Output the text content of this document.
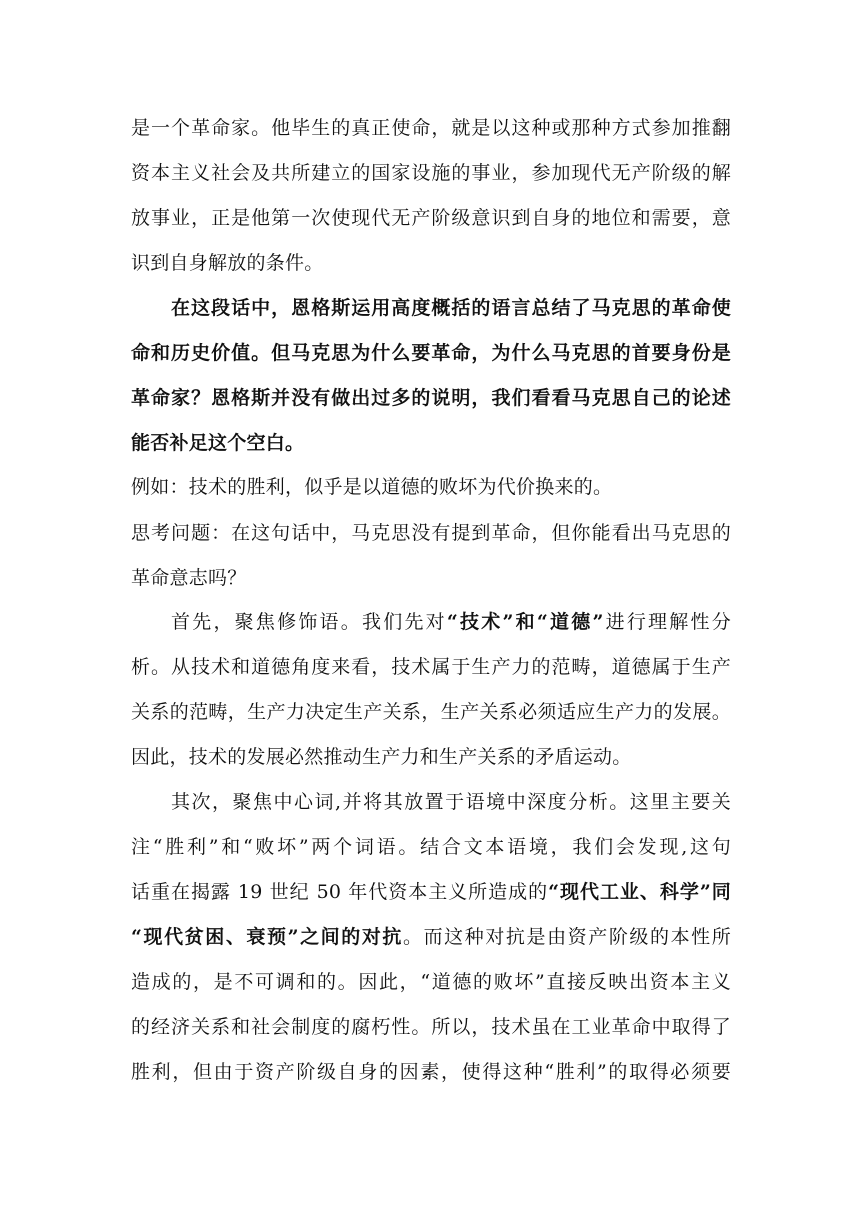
是一个革命家。他毕生的真正使命，就是以这种或那种方式参加推翻
资本主义社会及共所建立的国家设施的事业，参加现代无产阶级的解
放事业，正是他第一次使现代无产阶级意识到自身的地位和需要，意
识到自身解放的条件。
在这段话中，恩格斯运用高度概括的语言总结了马克思的革命使
命和历史价值。但马克思为什么要革命，为什么马克思的首要身份是
革命家？恩格斯并没有做出过多的说明，我们看看马克思自己的论述
能否补足这个空白。
例如：技术的胜利，似乎是以道德的败坏为代价换来的。
思考问题：在这句话中，马克思没有提到革命，但你能看出马克思的
革命意志吗？
首先，聚焦修饰语。我们先对“技术”和“道德”进行理解性分
析。从技术和道德角度来看，技术属于生产力的范畴，道德属于生产
关系的范畴，生产力决定生产关系，生产关系必须适应生产力的发展。
因此，技术的发展必然推动生产力和生产关系的矛盾运动。
其次，聚焦中心词,并将其放置于语境中深度分析。这里主要关
注“胜利”和“败坏”两个词语。结合文本语境，我们会发现,这句
话重在揭露 19 世纪 50 年代资本主义所造成的“现代工业、科学”同
“现代贫困、衰预”之间的对抗。而这种对抗是由资产阶级的本性所
造成的，是不可调和的。因此，“道德的败坏”直接反映出资本主义
的经济关系和社会制度的腐朽性。所以，技术虽在工业革命中取得了
胜利，但由于资产阶级自身的因素，使得这种“胜利”的取得必须要
